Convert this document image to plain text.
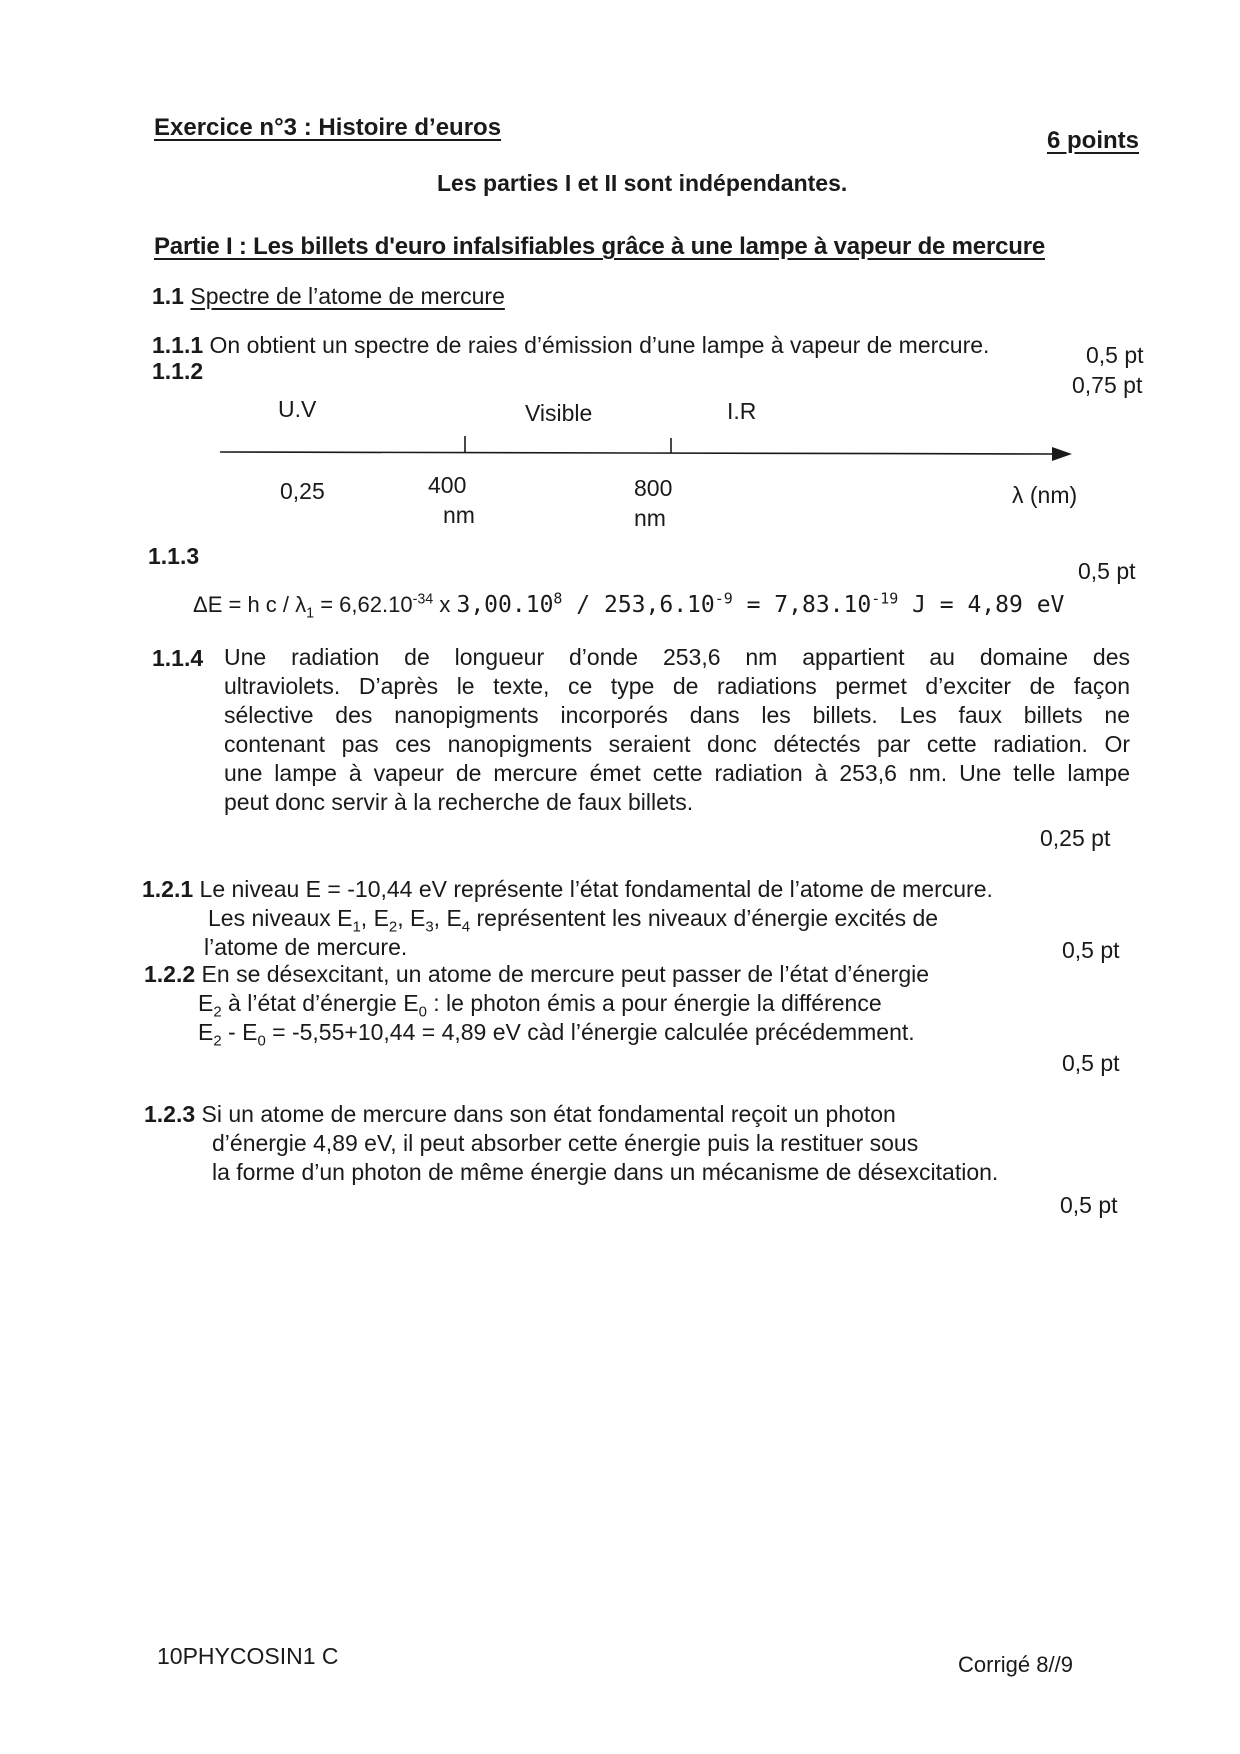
Exercice n°3 : Histoire d’euros	6 points
Les parties I et II sont indépendantes.
Partie I : Les billets d'euro infalsifiables grâce à une lampe à vapeur de mercure
1.1 Spectre de l’atome de mercure
1.1.1 On obtient un spectre de raies d’émission d’une lampe à vapeur de mercure.	0,5 pt
1.1.2
0,75 pt
U.V	Visible	I.R
0,25	400
nm
800
nm
λ (nm)
1.1.3
0,5 pt
ΔE = h $c / \lambda_1 = 6,62.10^{-34}$ x $3,00.10^8 / 253,6.10^{-9} = 7,83.10^{-19}$ J = 4,89 eV
1.1.4 Une radiation de longueur d’onde 253,6 nm appartient au domaine des
ultraviolets. D’après le texte, ce type de radiations permet d’exciter de façon
sélective des nanopigments incorporés dans les billets. Les faux billets ne
contenant pas ces nanopigments seraient donc détectés par cette radiation. Or
une lampe à vapeur de mercure émet cette radiation à 253,6 nm. Une telle lampe
peut donc servir à la recherche de faux billets.
0,25 pt
1.2.1 Le niveau E = -10,44 eV représente l’état fondamental de l’atome de mercure.
Les niveaux $E_1$, $E_2$, $E_3$, $E_4$ représentent les niveaux d’énergie excités de
l’atome de mercure.	0,5 pt
1.2.2 En se désexcitant, un atome de mercure peut passer de l’état d’énergie
$E_2$ à l’état d’énergie $E_0$ : le photon émis a pour énergie la différence
$E_2 - E_0 = -5,55+10,44 = 4,89$ eV càd l’énergie calculée précédemment.
0,5 pt
1.2.3 Si un atome de mercure dans son état fondamental reçoit un photon
d’énergie 4,89 eV, il peut absorber cette énergie puis la restituer sous
la forme d’un photon de même énergie dans un mécanisme de désexcitation.
0,5 pt
10PHYCOSIN1 C	Corrigé 8//9
